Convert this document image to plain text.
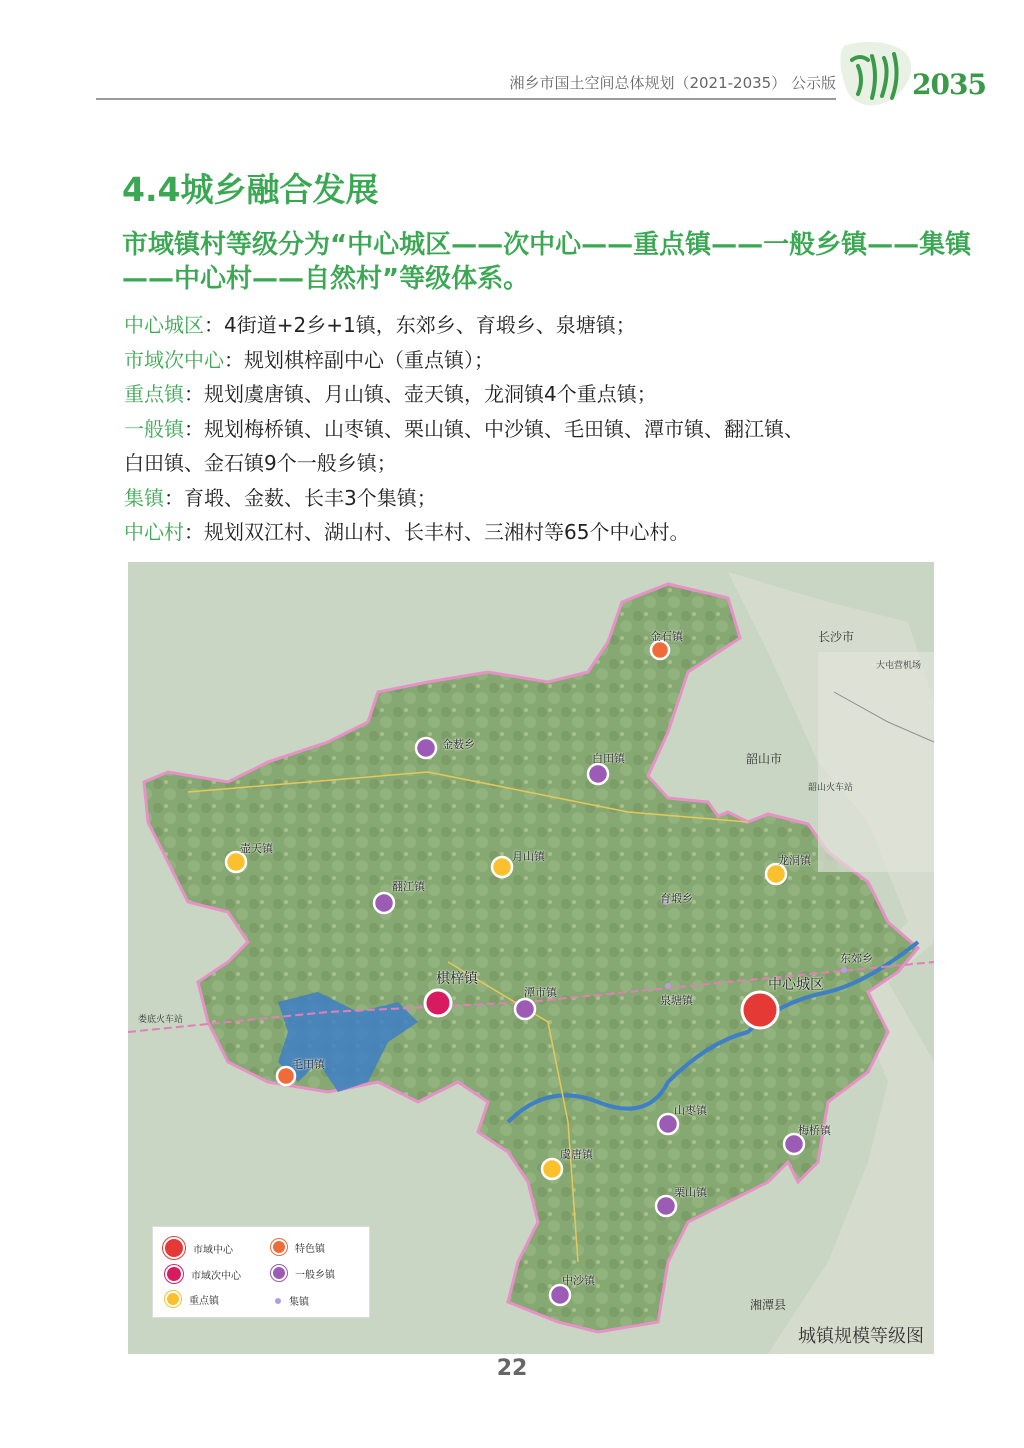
湘乡市国土空间总体规划（2021-2035） 公示版	2035
4.4城乡融合发展
市域镇村等级分为“中心城区——次中心——重点镇——一般乡镇——集镇——中心村——自然村”等级体系。
中心城区：4街道+2乡+1镇，东郊乡、育塅乡、泉塘镇；
市域次中心：规划棋梓副中心（重点镇）；
重点镇：规划虞唐镇、月山镇、壶天镇，龙洞镇4个重点镇；
一般镇：规划梅桥镇、山枣镇、栗山镇、中沙镇、毛田镇、潭市镇、翻江镇、
白田镇、金石镇9个一般乡镇；
集镇：育塅、金薮、长丰3个集镇；
中心村：规划双江村、湖山村、长丰村、三湘村等65个中心村。
金石镇
金薮乡
白田镇
壶天镇
月山镇	龙洞镇
翻江镇
育塅乡
棋梓镇
潭市镇
泉塘镇
中心城区
东郊乡
毛田镇
山枣镇
梅桥镇
虞唐镇
栗山镇
中沙镇
长沙市
韶山市
湘潭县
娄底火车站
韶山火车站
大屯营机场
市域中心	特色镇
市域次中心	一般乡镇
重点镇	集镇
城镇规模等级图
22
